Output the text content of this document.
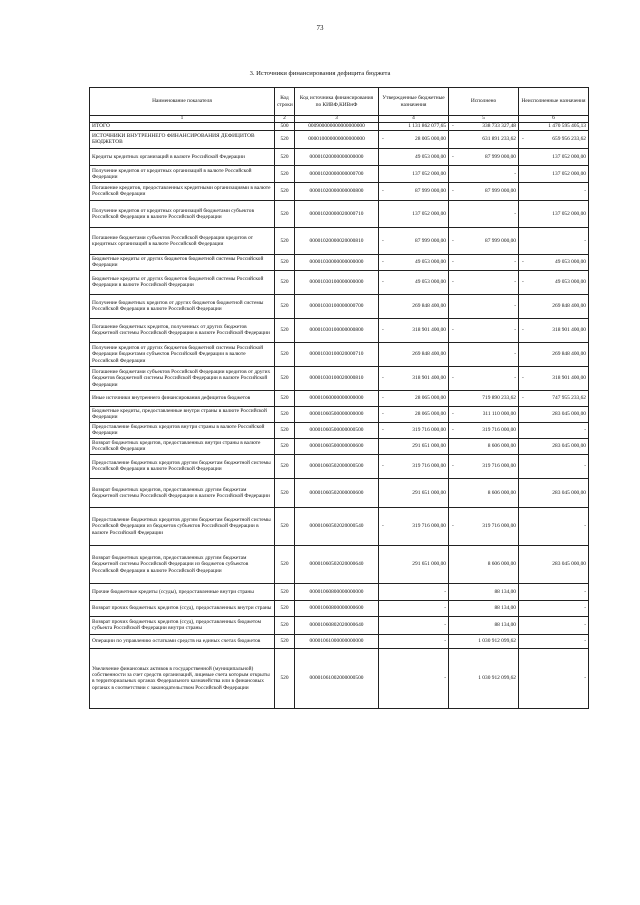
73
3. Источники финансирования дефицита бюджета
Наименование показателя	Код строки	Код источника финансирования по КИВФ,КИВнФ	Утвержденные бюджетные назначения	Исполнено	Неисполненные назначения
1	2	3	4	5	6
ИТОГО	500	000900000000000000000	1 131 862 077,65	- 338 733 327,48	1 470 595 405,13
ИСТОЧНИКИ ВНУТРЕННЕГО ФИНАНСИРОВАНИЯ ДЕФИЦИТОВ БЮДЖЕТОВ	520	000010000000000000000	- 28 005 000,00	631 891 233,62	- 659 956 233,62
Кредиты кредитных организаций в валюте Российской Федерации	520	00001020000000000000	49 053 000,00	- 87 999 000,00	137 052 000,00
Получение кредитов от кредитных организаций в валюте Российской Федерации	520	00001020000000000700	137 052 000,00	-	137 052 000,00
Погашение кредитов, предоставленных кредитными организациями в валюте Российской Федерации	520	00001020000000000800	- 87 999 000,00	- 87 999 000,00	-
Получение кредитов от кредитных организаций бюджетами субъектов Российской Федерации в валюте Российской Федерации	520	00001020000020000710	137 052 000,00	-	137 052 000,00
Погашение бюджетами субъектов Российской Федерации кредитов от кредитных организаций в валюте Российской Федерации	520	00001020000020000810	- 87 999 000,00	- 87 999 000,00	-
Бюджетные кредиты от других бюджетов бюджетной системы Российской Федерации	520	00001030000000000000	- 49 053 000,00	- -	- 49 053 000,00
Бюджетные кредиты от других бюджетов бюджетной системы Российской Федерации в валюте Российской Федерации	520	00001030100000000000	- 49 053 000,00	- -	- 49 053 000,00
Получение бюджетных кредитов от других бюджетов бюджетной системы Российской Федерации в валюте Российской Федерации	520	00001030100000000700	269 848 400,00	-	269 848 400,00
Погашение бюджетных кредитов, полученных от других бюджетов бюджетной системы Российской Федерации в валюте Российской Федерации	520	00001030100000000800	- 318 901 400,00	- -	- 318 901 400,00
Получение кредитов от других бюджетов бюджетной системы Российской Федерации бюджетами субъектов Российской Федерации в валюте Российской Федерации	520	00001030100020000710	269 848 400,00	-	269 848 400,00
Погашение бюджетами субъектов Российской Федерации кредитов от других бюджетов бюджетной системы Российской Федерации в валюте Российской Федерации	520	00001030100020000810	- 318 901 400,00	- -	- 318 901 400,00
Иные источники внутреннего финансирования дефицитов бюджетов	520	00001060000000000000	- 28 065 000,00	719 890 233,62	- 747 955 233,62
Бюджетные кредиты, предоставленные внутри страны в валюте Российской Федерации	520	00001060500000000000	- 28 065 000,00	- 311 110 000,00	283 045 000,00
Предоставление бюджетных кредитов внутри страны в валюте Российской Федерации	520	00001060500000000500	- 319 716 000,00	- 319 716 000,00	-
Возврат бюджетных кредитов, предоставленных внутри страны в валюте Российской Федерации	520	00001060500000000600	291 651 000,00	8 606 000,00	283 045 000,00
Предоставление бюджетных кредитов другим бюджетам бюджетной системы Российской Федерации в валюте Российской Федерации	520	00001060502000000500	- 319 716 000,00	- 319 716 000,00	-
Возврат бюджетных кредитов, предоставленных другим бюджетам бюджетной системы Российской Федерации в валюте Российской Федерации	520	00001060502000000600	291 651 000,00	8 606 000,00	283 045 000,00
Предоставление бюджетных кредитов другим бюджетам бюджетной системы Российской Федерации из бюджетов субъектов Российской Федерации в валюте Российской Федерации	520	00001060502020000540	- 319 716 000,00	- 319 716 000,00	-
Возврат бюджетных кредитов, предоставленных другим бюджетам бюджетной системы Российской Федерации из бюджетов субъектов Российской Федерации в валюте Российской Федерации	520	00001060502020000640	291 651 000,00	8 606 000,00	283 045 000,00
Прочие бюджетные кредиты (ссуды), предоставленные внутри страны	520	00001060800000000000	-	88 134,00	-
Возврат прочих бюджетных кредитов (ссуд), предоставленных внутри страны	520	00001060800000000600	-	88 134,00	-
Возврат прочих бюджетных кредитов (ссуд), предоставленных бюджетом субъекта Российской Федерации внутри страны	520	00001060802020000640	-	88 134,00	-
Операции по управлению остатками средств на единых счетах бюджетов	520	00001061000000000000	-	1 030 912 099,62	-
Увеличение финансовых активов в государственной (муниципальной) собственности за счет средств организаций, лицевые счета которым открыты в территориальных органах Федерального казначейства или в финансовых органах в соответствии с законодательством Российской Федерации	520	00001061002000000500	-	1 030 912 099,62	-
